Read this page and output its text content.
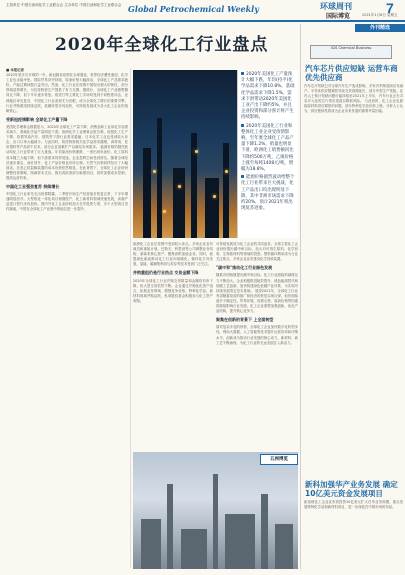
主管单位 中国石油和化学工业联合会 主办单位 中国石油和化学工业联合会 Global Petrochemical Weekly	环球周刊
国际博览
7
2021年1月8日 星期五
2020年全球化工行业盘点
■ 本报记者
2020年是多灾多难的一年，新冠肺炎疫情在全球蔓延，世界经济遭受重创，化学工业也未能幸免。国际贸易冲突持续，原油价格大幅波动，全球化工产品需求疲软，产能过剩问题日益突出。然而，化工行业在疫情中展现出强大的韧性，部分领域逆势增长，为抗疫物资生产提供了有力支撑。据统计，全球化工产品销售额同比下降，但下半年逐步恢复。欧美日等主要化工市场均受到不同程度冲击，亚洲地区率先复苏，中国化工行业表现尤为亮眼，成为全球化工增长的重要引擎。行业并购重组持续活跃，低碳转型步伐加快，可持续发展成为各大化工企业的战略核心。
受新冠疫情影响 全球化工产量下降
美国化学理事会数据显示，2020年全球化工产量下降，消费品和工业用化学品需求减少，基础化学品产量明显下滑。欧洲化学工业理事会报告称，欧盟化工生产下降，疫情导致汽车、建筑等下游行业需求萎缩。日本化学工业也受到较大冲击，出口订单大幅减少。与此同时，防疫物资相关化学品需求激增，消毒剂、医用塑料等产品供不应求，部分企业加紧扩产以满足市场需求。 能源价格的剧烈波动给化工行业带来了巨大挑战。年初原油价格暴跌，一度出现负油价，化工原料成本随之大幅下降，但下游需求同样低迷，企业盈利空间受到挤压。随着全球经济逐步重启，油价回升，化工产品价格也有所反弹。天然气价格同样经历了大幅波动，北美乙烷裂解装置的成本优势依然明显。在此背景下，全球化工企业纷纷调整经营策略，削减资本支出，推迟或取消部分新建项目，同时加强成本控制，提高运营效率。
中国化工业强劲复苏 持续增长
中国化工行业率先走出疫情阴霾，二季度开始生产经营逐步恢复正常，下半年增速明显回升。大型炼化一体化项目相继投产，化工新材料领域快速发展，高端产品进口替代步伐加快。国内外化工企业纷纷加大在华投资力度，多个大型项目签约落地，中国在全球化工产业链中的地位进一步提升。
2020年美国化工产量预计大幅下跌，年均(持平)化学品需求下降10.8%，基础化学品需求下降1.5%，需求下滑带动2020年美国化工业产出下降约5%，并且企业投资和部分预计将产生持续影响。
2020年美国化工行业和整体化工业企业受疫情影响，至年底全球化工产品产量下降1.2%，销量也明显下滑，欧洲化工销售额同比下降约500万吨，乙烯价格上涨至每吨1408元/吨，增幅为18.8%。
能源价格剧烈波动给整个化工行业带来巨大挑战，化工产品出口均出现明显下降，其中非洲市场需求下降约20%，预计2021年将出现复苏迹象。
欧洲化工企业在疫情中受到较大冲击，多家企业宣布裁员和重组计划。巴斯夫、科思创等公司调整业务结构，剥离非核心资产，聚焦高附加值业务。同时，欧盟绿色新政推动化工行业向低碳化、循环化方向发展，氢能、碳捕集利用与封存等技术受到广泛关注。
并购重组仍是行业热点 交易金额下降
2020年全球化工行业并购交易数量和金额均有所下降，但大型交易依然不断。企业通过并购优化资产组合，拓展业务领域，增强竞争优势。特种化学品、新材料领域并购活跃，私募股权基金积极参与化工资产收购。
可持续发展成为化工企业的共同追求。全球主要化工企业纷纷提出碳中和目标，加大对可再生原料、化学回收、生物基材料等领域的投资。塑料循环利用成为行业关注焦点，多家企业宣布建设化学回收装置。
"碳中和"推动化工行业绿色发展
随着各国相继提出碳中和目标，化工行业面临的减排压力不断加大。企业积极推进能效提升、绿色能源替代和低碳工艺创新，加快构建绿色低碳产业体系，为实现可持续发展奠定坚实基础。 展望2021年，全球化工行业有望随着疫苗的推广和经济的恢复实现反弹，但仍面临诸多不确定性。贸易环境、疫情走势、原油价格等因素将继续影响行业发展。化工企业需要加强创新，优化产品结构，提升核心竞争力。
聚集在创新的背景下 上全面转型
面对复杂多变的形势，全球化工企业加快数字化转型步伐，利用大数据、人工智能等技术提升运营效率和决策水平。创新成为推动行业发展的核心动力，新材料、新工艺不断涌现，为化工行业的长远发展注入新活力。
五洲博览
外刊精选
ICIS Chemical Business
汽车芯片供应短缺 运营车商优先供应商
汽车芯片短缺已对全球汽车生产造成影响，多家汽车制造商宣布减产。半导体供应链紧张导致交货周期延长，部分车型生产受阻。业内人士预计短缺问题可能持续至2021年上半年，汽车行业正在寻求多元化的芯片供应渠道以降低风险。 与此同时，化工企业也面临原材料供应紧张的问题，部分特种化学品价格上涨。分析人士认为，供应链韧性将成为企业未来发展的重要考量因素。
新科加强华产业务发展 确定10亿美元资金发展项目
新加坡化工企业宣布将投资10亿美元扩大在华业务规模，重点发展特种化学品和新材料项目，进一步深化在中国市场的布局。
